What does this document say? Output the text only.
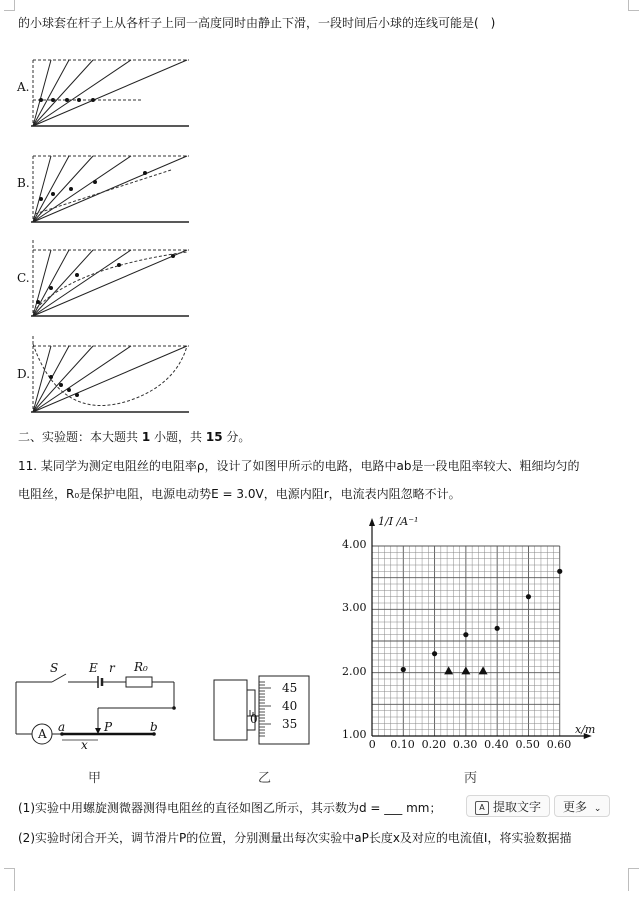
的小球套在杆子上从各杆子上同一高度同时由静止下滑，一段时间后小球的连线可能是(　)
A.
B.
C.
D.
二、实验题：本大题共 1 小题，共 15 分。
11. 某同学为测定电阻丝的电阻率ρ，设计了如图甲所示的电路，电路中ab是一段电阻率较大、粗细均匀的
电阻丝，R₀是保护电阻，电源电动势E = 3.0V，电源内阻r，电流表内阻忽略不计。
S	E r R₀
A a	P	b
x
甲
45
40
35
0
乙
1/I /A⁻¹
x/m
丙
(1)实验中用螺旋测微器测得电阻丝的直径如图乙所示，其示数为d = ___ mm；	A 提取文字	更多 ⌄
(2)实验时闭合开关，调节滑片P的位置，分别测量出每次实验中aP长度x及对应的电流值I，将实验数据描
1.00
2.00
3.00
4.00
0 0.10 0.20 0.30 0.40 0.50 0.60
